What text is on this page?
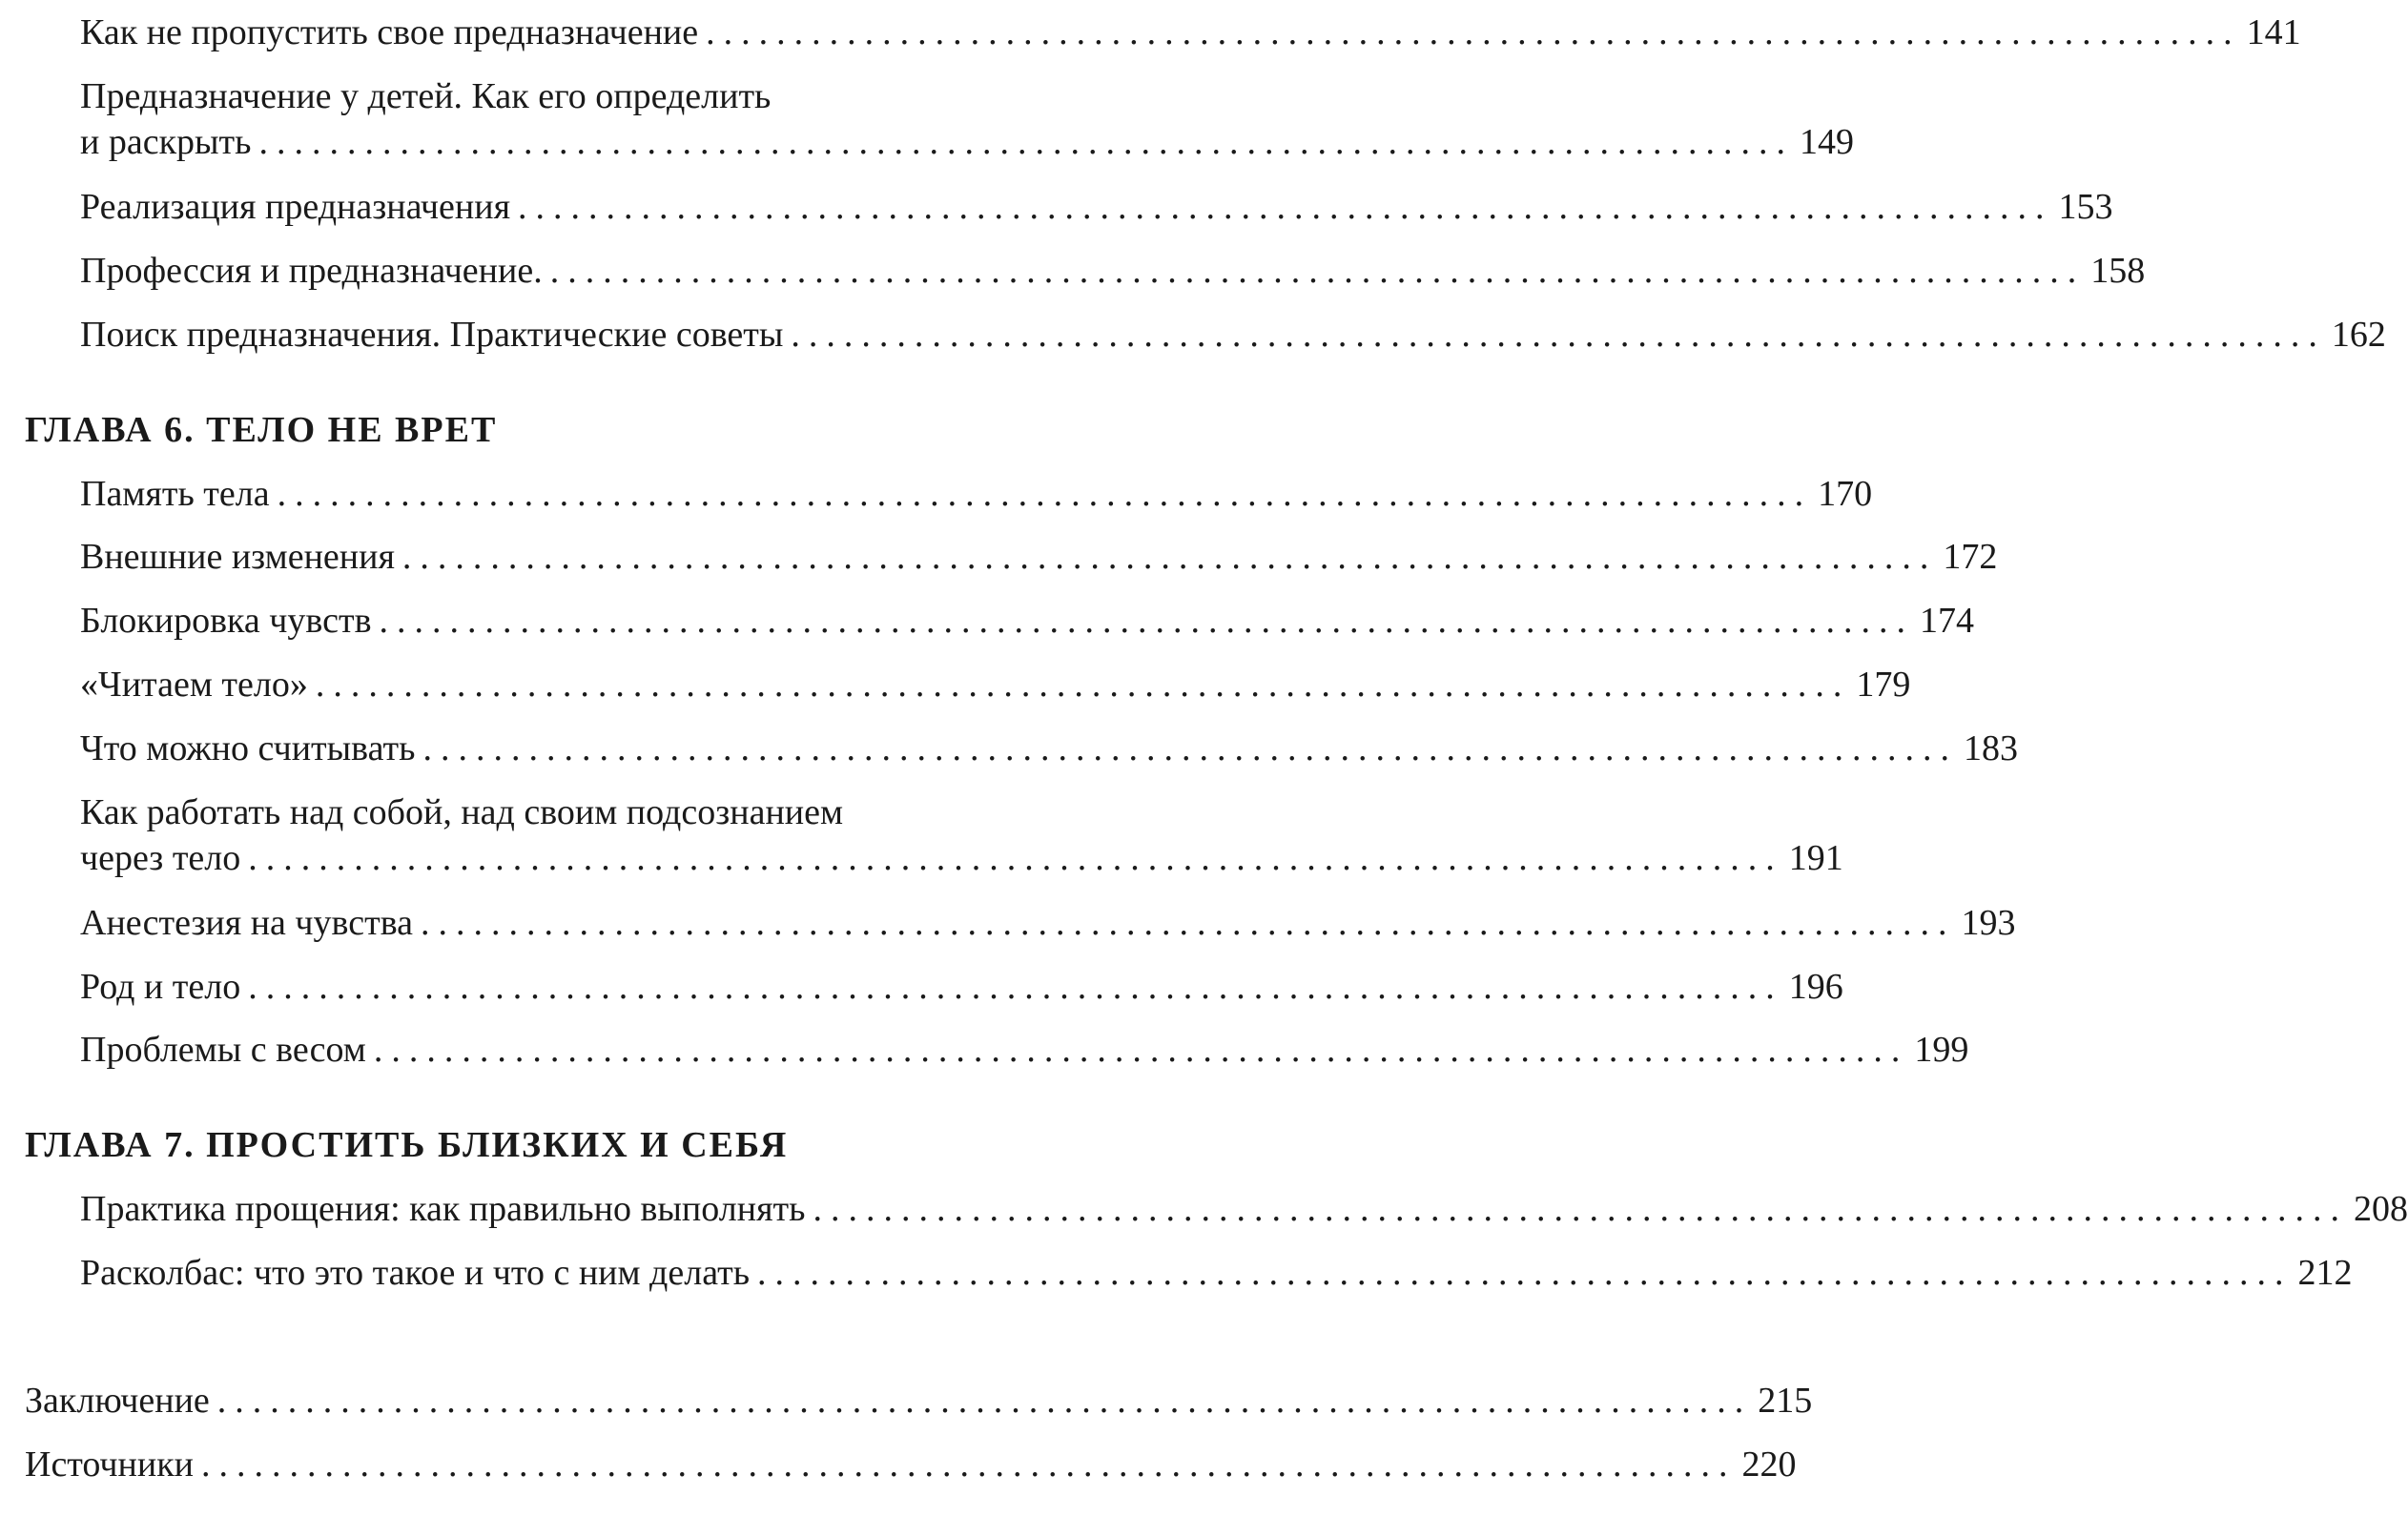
Как не пропустить свое предназначение ....................................................................................... 141
Предназначение у детей. Как его определить
и раскрыть ....................................................................................... 149
Реализация предназначения ....................................................................................... 153
Профессия и предназначение. ....................................................................................... 158
Поиск предназначения. Практические советы ....................................................................................... 162
ГЛАВА 6. ТЕЛО НЕ ВРЕТ
Память тела ....................................................................................... 170
Внешние изменения ....................................................................................... 172
Блокировка чувств ....................................................................................... 174
«Читаем тело» ....................................................................................... 179
Что можно считывать ....................................................................................... 183
Как работать над собой, над своим подсознанием
через тело ....................................................................................... 191
Анестезия на чувства ....................................................................................... 193
Род и тело ....................................................................................... 196
Проблемы с весом ....................................................................................... 199
ГЛАВА 7. ПРОСТИТЬ БЛИЗКИХ И СЕБЯ
Практика прощения: как правильно выполнять ....................................................................................... 208
Расколбас: что это такое и что с ним делать ....................................................................................... 212
Заключение ....................................................................................... 215
Источники ....................................................................................... 220
